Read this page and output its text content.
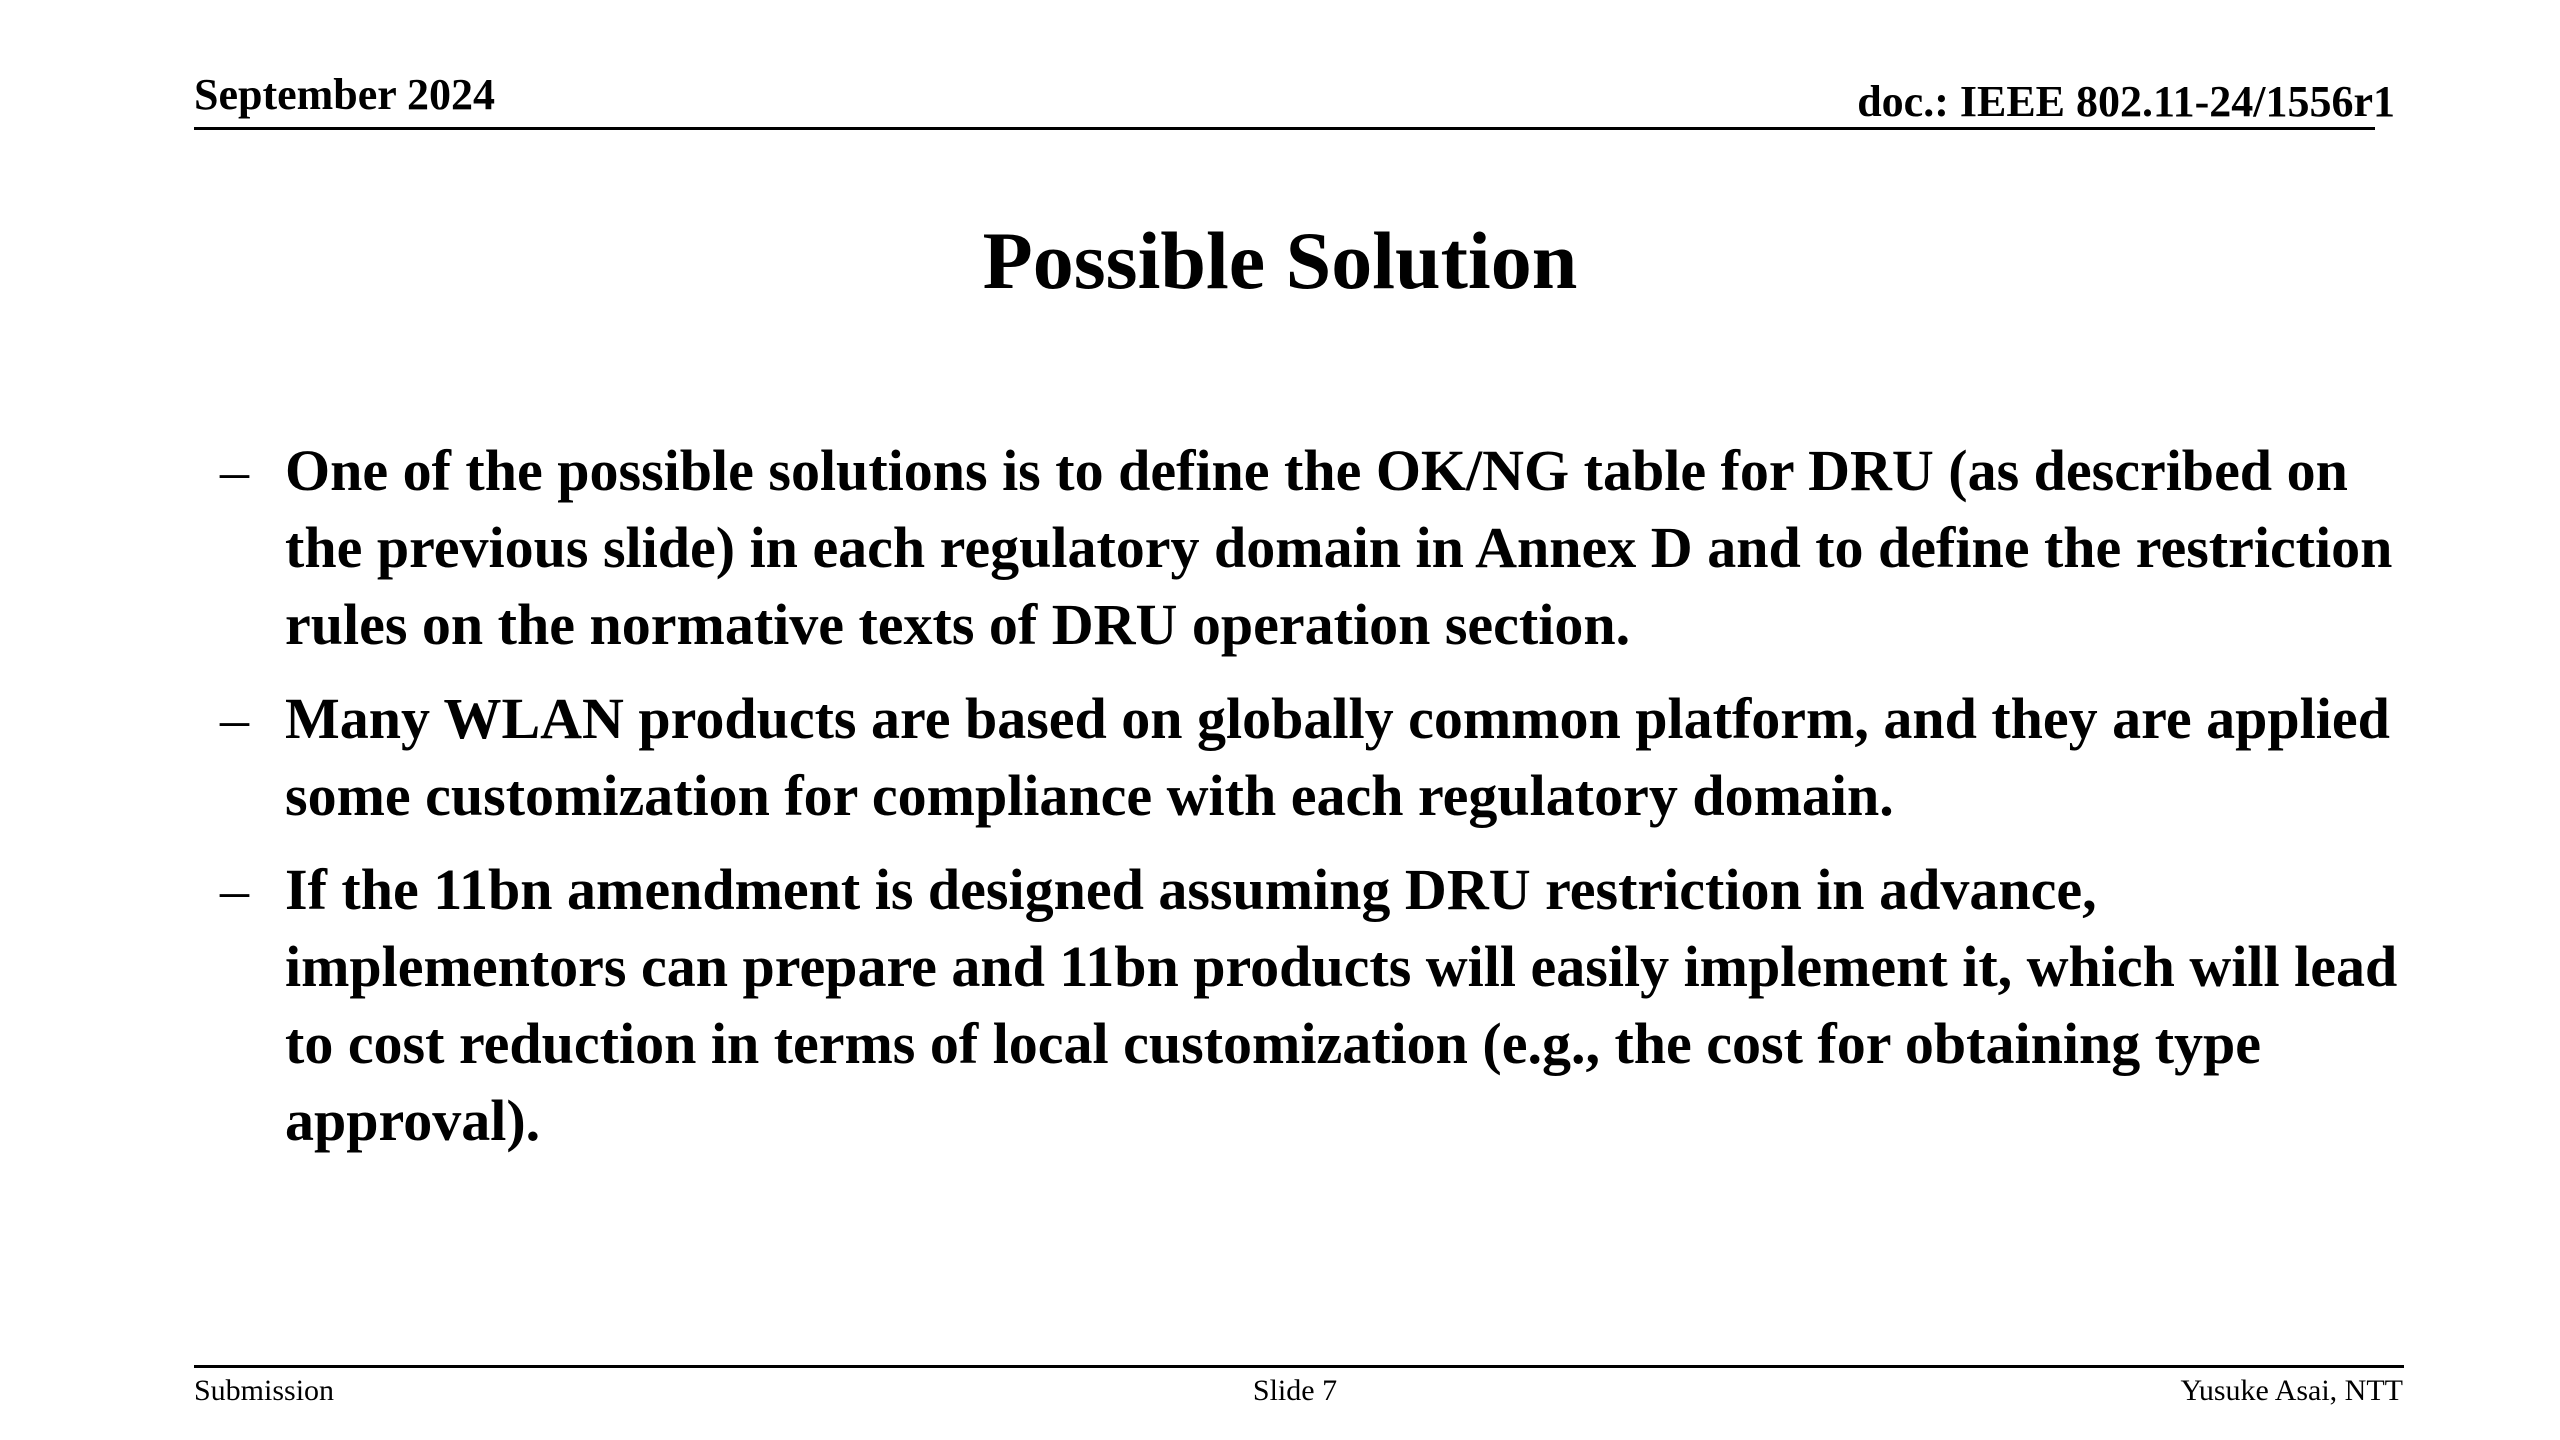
September 2024	doc.: IEEE 802.11-24/1556r1
Possible Solution
– One of the possible solutions is to define the OK/NG table for DRU (as described on the previous slide) in each regulatory domain in Annex D and to define the restriction rules on the normative texts of DRU operation section.
– Many WLAN products are based on globally common platform, and they are applied some customization for compliance with each regulatory domain.
– If the 11bn amendment is designed assuming DRU restriction in advance, implementors can prepare and 11bn products will easily implement it, which will lead to cost reduction in terms of local customization (e.g., the cost for obtaining type approval).
Submission	Slide 7	Yusuke Asai, NTT
